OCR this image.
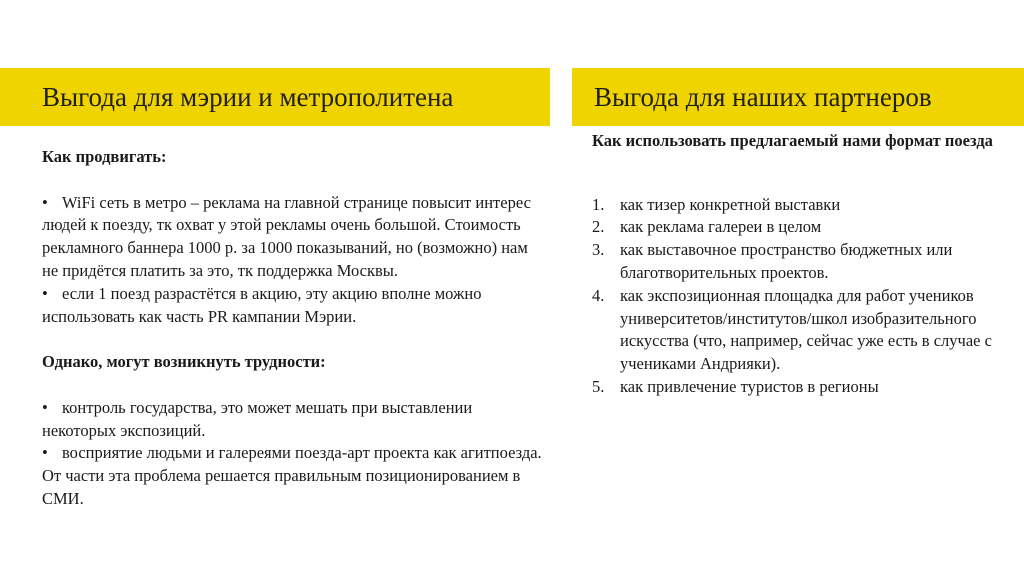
Выгода для мэрии и метрополитена	Выгода для наших партнеров

Как продвигать:

• WiFi сеть в метро – реклама на главной странице повысит интерес людей к поезду, тк охват у этой рекламы очень большой. Стоимость рекламного баннера 1000 р. за 1000 показываний, но (возможно) нам не придётся платить за это, тк поддержка Москвы.

• если 1 поезд разрастётся в акцию, эту акцию вполне можно использовать как часть PR кампании Мэрии.

Однако, могут возникнуть трудности:

• контроль государства, это может мешать при выставлении некоторых экспозиций.

• восприятие людьми и галереями поезда-арт проекта как агитпоезда. От части эта проблема решается правильным позиционированием в СМИ.

Как использовать предлагаемый нами формат поезда

1. как тизер конкретной выставки
2. как реклама галереи в целом
3. как выставочное пространство бюджетных или благотворительных проектов.
4. как экспозиционная площадка для работ учеников университетов/институтов/школ изобразительного искусства (что, например, сейчас уже есть в случае с учениками Андрияки).
5. как привлечение туристов в регионы
